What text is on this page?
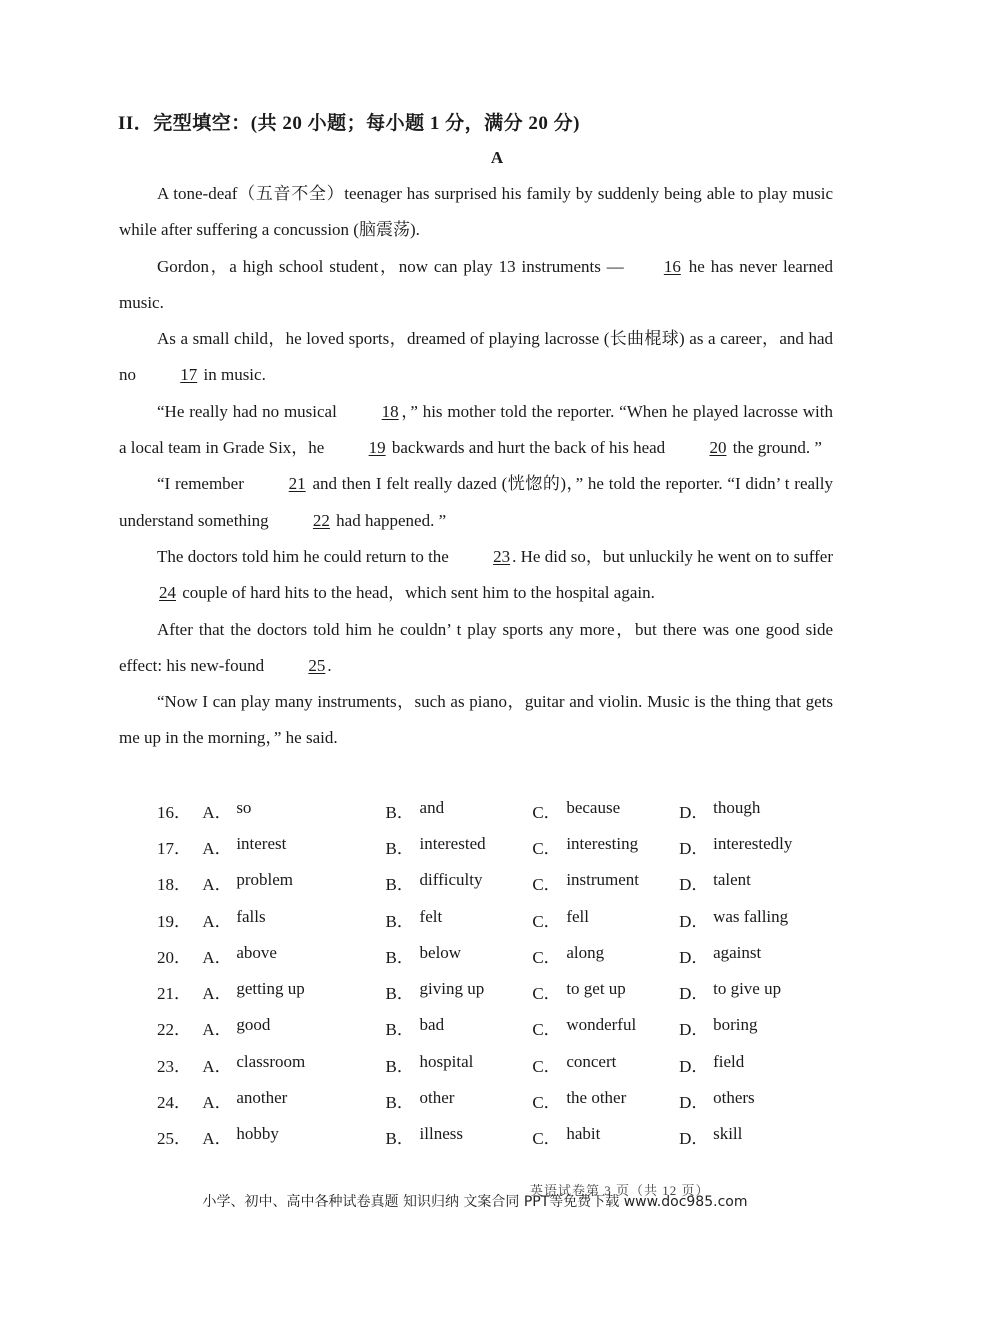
II．完型填空：(共 20 小题；每小题 1 分，满分 20 分)
A

A tone-deaf（五音不全）teenager has surprised his family by suddenly being able to play music while after suffering a concussion (脑震荡).

Gordon，a high school student，now can play 13 instruments — 16 he has never learned music.

As a small child，he loved sports，dreamed of playing lacrosse (长曲棍球) as a career，and had no 17 in music.

“He really had no musical 18 ，” his mother told the reporter. “When he played lacrosse with a local team in Grade Six，he 19 backwards and hurt the back of his head 20 the ground. ”

“I remember 21 and then I felt really dazed (恍惚的)，” he told the reporter. “I didn’ t really understand something 22 had happened. ”

The doctors told him he could return to the 23 . He did so，but unluckily he went on to suffer 24 couple of hard hits to the head，which sent him to the hospital again.

After that the doctors told him he couldn’ t play sports any more，but there was one good side effect: his new-found 25 .

“Now I can play many instruments，such as piano，guitar and violin. Music is the thing that gets me up in the morning，” he said.

16． A． so	B． and	C． because	D． though
17． A． interest	B． interested	C． interesting D． interestedly
18． A． problem	B． difficulty	C． instrument D． talent
19． A． falls	B． felt	C． fell	D． was falling
20． A． above	B． below	C． along	D． against
21． A． getting up	B． giving up	C． to get up	D． to give up
22． A． good	B． bad	C． wonderful	D． boring
23． A． classroom	B． hospital	C． concert	D． field
24． A． another	B． other	C． the other	D． others
25． A． hobby	B． illness	C． habit	D． skill
英语试卷第 3 页（共 12 页）
小学、初中、高中各种试卷真题 知识归纳 文案合同 PPT等免费下载 www.doc985.com
